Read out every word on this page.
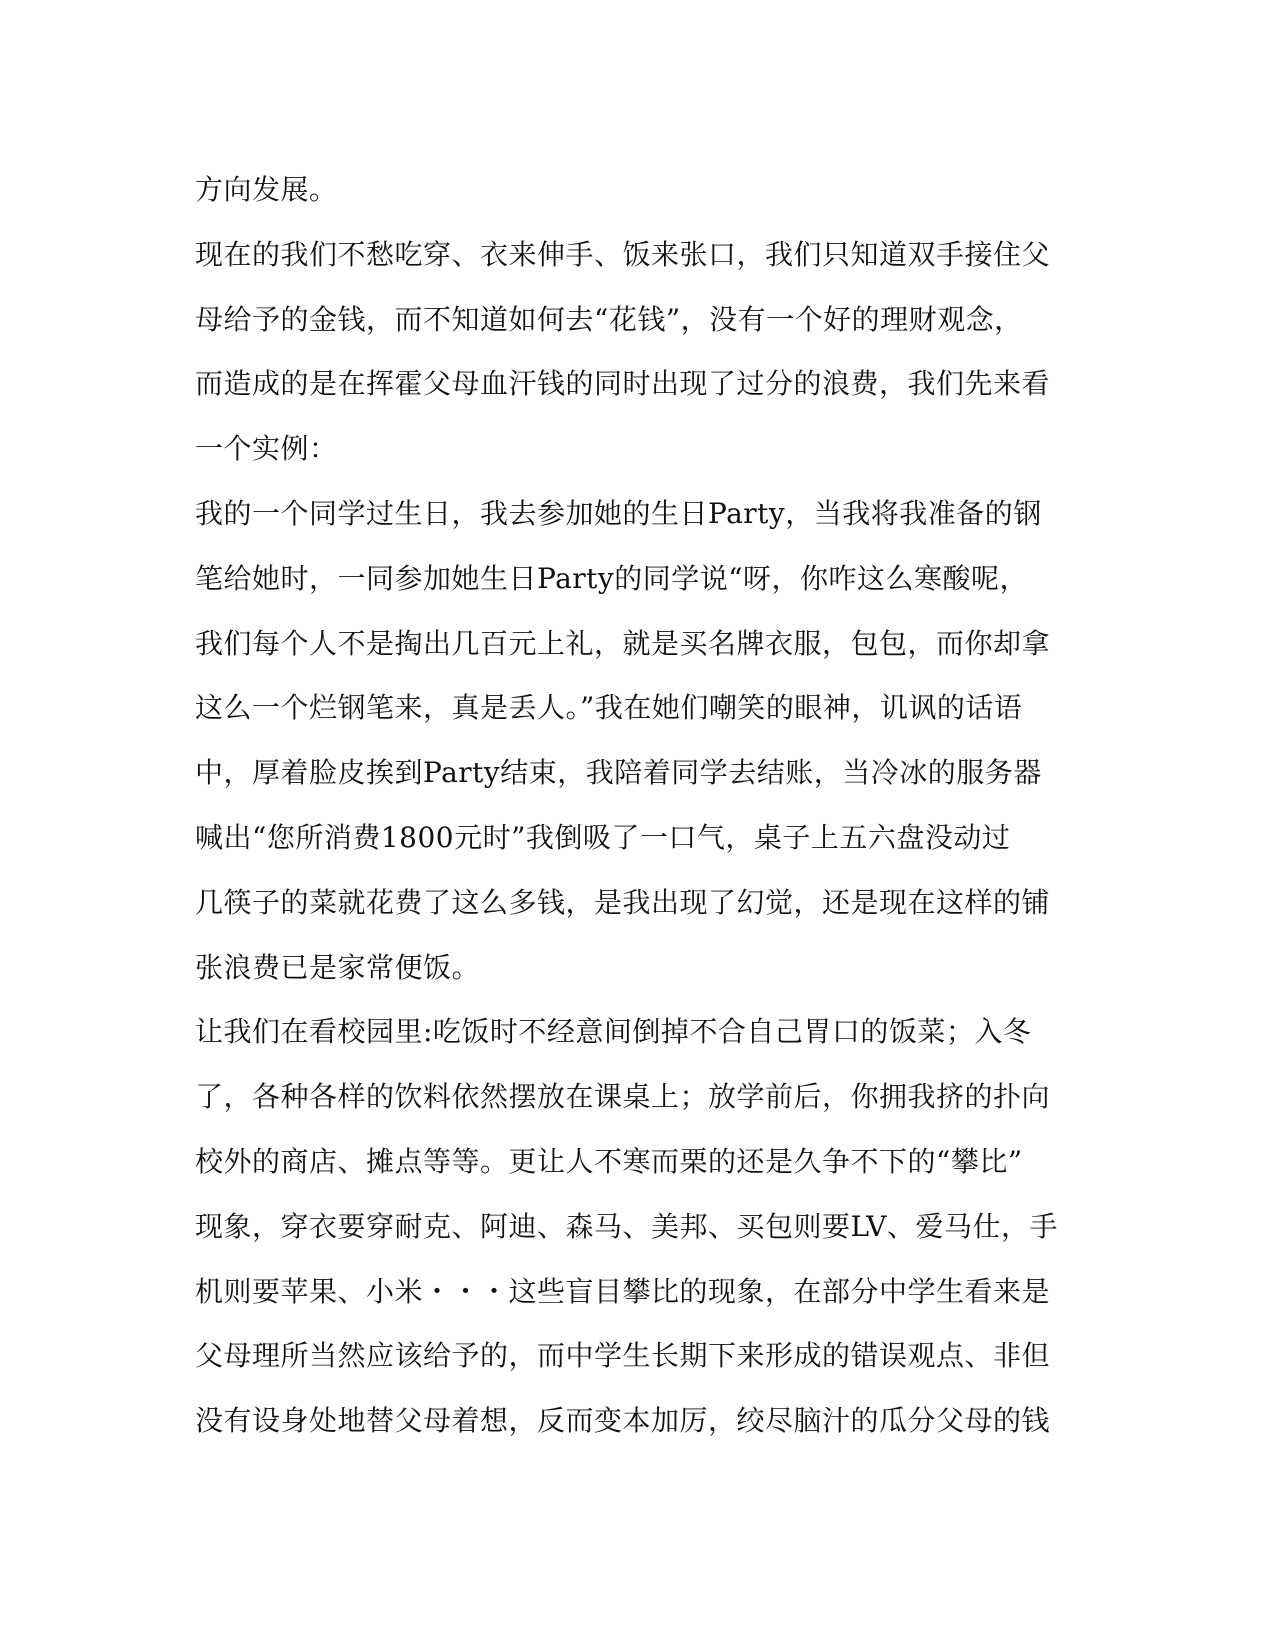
方向发展。
现在的我们不愁吃穿、衣来伸手、饭来张口，我们只知道双手接住父
母给予的金钱，而不知道如何去“花钱”，没有一个好的理财观念，
而造成的是在挥霍父母血汗钱的同时出现了过分的浪费，我们先来看
一个实例：
我的一个同学过生日，我去参加她的生日Party，当我将我准备的钢
笔给她时，一同参加她生日Party的同学说“呀，你咋这么寒酸呢，
我们每个人不是掏出几百元上礼，就是买名牌衣服，包包，而你却拿
这么一个烂钢笔来，真是丢人。”我在她们嘲笑的眼神，讥讽的话语
中，厚着脸皮挨到Party结束，我陪着同学去结账，当冷冰的服务器
喊出“您所消费1800元时”我倒吸了一口气，桌子上五六盘没动过
几筷子的菜就花费了这么多钱，是我出现了幻觉，还是现在这样的铺
张浪费已是家常便饭。
让我们在看校园里:吃饭时不经意间倒掉不合自己胃口的饭菜；入冬
了，各种各样的饮料依然摆放在课桌上；放学前后，你拥我挤的扑向
校外的商店、摊点等等。更让人不寒而栗的还是久争不下的“攀比”
现象，穿衣要穿耐克、阿迪、森马、美邦、买包则要LV、爱马仕，手
机则要苹果、小米・・・这些盲目攀比的现象，在部分中学生看来是
父母理所当然应该给予的，而中学生长期下来形成的错误观点、非但
没有设身处地替父母着想，反而变本加厉，绞尽脑汁的瓜分父母的钱
